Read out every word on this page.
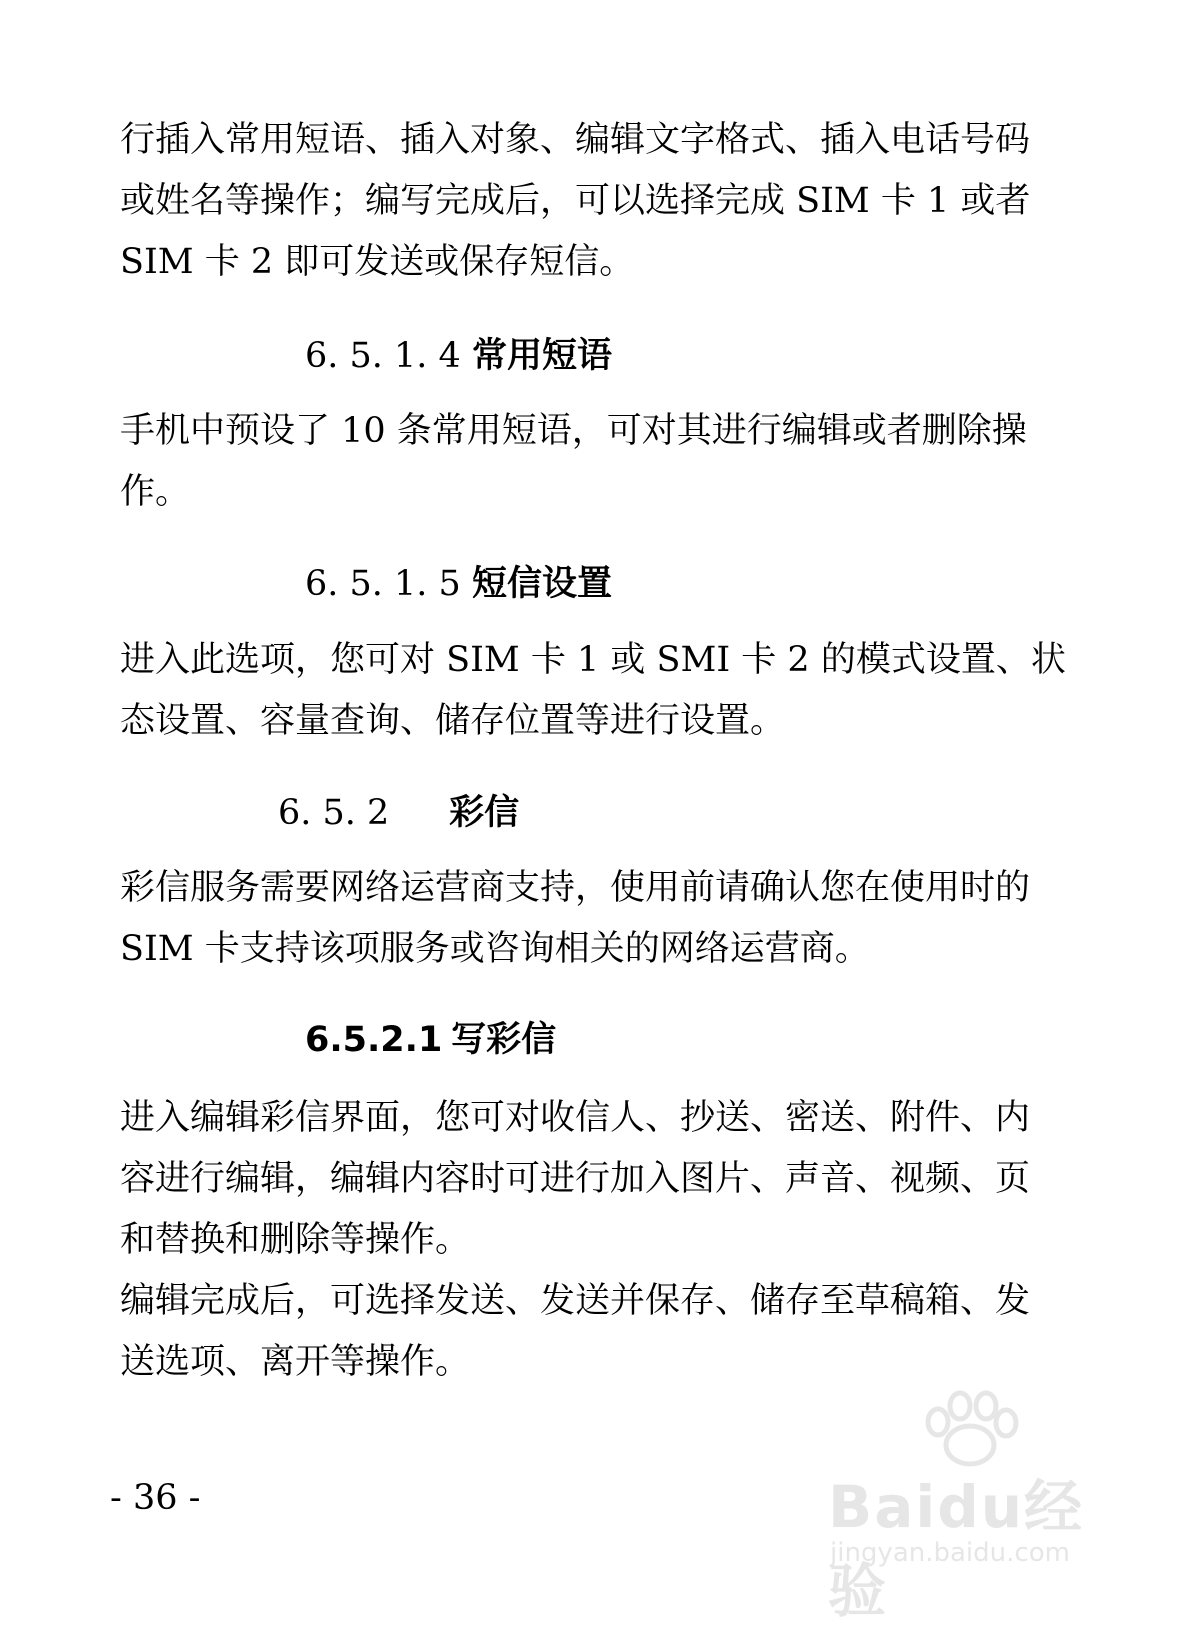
行插入常用短语、插入对象、编辑文字格式、插入电话号码
或姓名等操作；编写完成后，可以选择完成 SIM 卡 1 或者
SIM 卡 2 即可发送或保存短信。

6. 5. 1. 4 常用短语

手机中预设了 10 条常用短语，可对其进行编辑或者删除操
作。

6. 5. 1. 5 短信设置

进入此选项，您可对 SIM 卡 1 或 SMI 卡 2 的模式设置、状
态设置、容量查询、储存位置等进行设置。

6. 5. 2 彩信

彩信服务需要网络运营商支持，使用前请确认您在使用时的
SIM 卡支持该项服务或咨询相关的网络运营商。

6.5.2.1 写彩信

进入编辑彩信界面，您可对收信人、抄送、密送、附件、内
容进行编辑，编辑内容时可进行加入图片、声音、视频、页
和替换和删除等操作。
编辑完成后，可选择发送、发送并保存、储存至草稿箱、发
送选项、离开等操作。

- 36 -	Baidu经验
jingyan.baidu.com
